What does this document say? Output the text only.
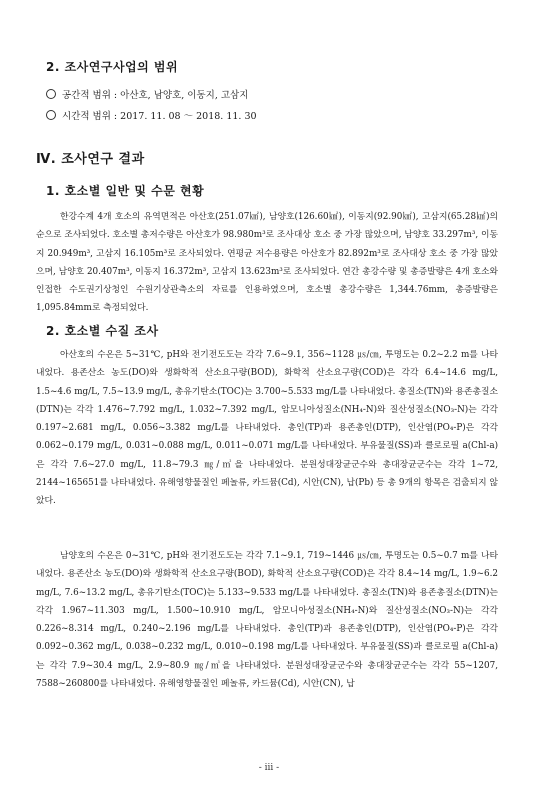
2. 조사연구사업의 범위
공간적 범위 : 아산호, 남양호, 이동지, 고삼지
시간적 범위 : 2017. 11. 08 ～ 2018. 11. 30
Ⅳ. 조사연구 결과
1. 호소별 일반 및 수문 현황

한강수계 4개 호소의 유역면적은 아산호(251.07㎢), 남양호(126.60㎢), 이동지(92.90㎢), 고삼지(65.28㎢)의 순으로 조사되었다. 호소별 총저수량은 아산호가 98.980m³로 조사대상 호소 중 가장 많았으며, 남양호 33.297m³, 이동지 20.949m³, 고삼지 16.105m³로 조사되었다. 연평균 저수용량은 아산호가 82.892m³로 조사대상 호소 중 가장 많았으며, 남양호 20.407m³, 이동지 16.372m³, 고삼지 13.623m³로 조사되었다. 연간 총강수량 및 총증발량은 4개 호소와 인접한 수도권기상청인 수원기상관측소의 자료를 인용하였으며, 호소별 총강수량은 1,344.76mm, 총증발량은 1,095.84mm로 측정되었다.

2. 호소별 수질 조사

아산호의 수온은 5~31℃, pH와 전기전도도는 각각 7.6~9.1, 356~1128 ㎲/㎝, 투명도는 0.2~2.2 m를 나타내었다. 용존산소 농도(DO)와 생화학적 산소요구량(BOD), 화학적 산소요구량(COD)은 각각 6.4~14.6 mg/L, 1.5~4.6 mg/L, 7.5~13.9 mg/L, 총유기탄소(TOC)는 3.700~5.533 mg/L를 나타내었다. 총질소(TN)와 용존총질소(DTN)는 각각 1.476~7.792 mg/L, 1.032~7.392 mg/L, 암모니아성질소(NH₄-N)와 질산성질소(NO₃-N)는 각각 0.197~2.681 mg/L, 0.056~3.382 mg/L를 나타내었다. 총인(TP)과 용존총인(DTP), 인산염(PO₄-P)은 각각 0.062~0.179 mg/L, 0.031~0.088 mg/L, 0.011~0.071 mg/L를 나타내었다. 부유물질(SS)과 클로로필 a(Chl-a)은 각각 7.6~27.0 mg/L, 11.8~79.3 ㎎/㎥을 나타내었다. 분원성대장균군수와 총대장균군수는 각각 1~72, 2144~165651를 나타내었다. 유해영향물질인 페놀류, 카드뮴(Cd), 시안(CN), 납(Pb) 등 총 9개의 항목은 검출되지 않았다.

남양호의 수온은 0~31℃, pH와 전기전도도는 각각 7.1~9.1, 719~1446 ㎲/㎝, 투명도는 0.5~0.7 m를 나타내었다. 용존산소 농도(DO)와 생화학적 산소요구량(BOD), 화학적 산소요구량(COD)은 각각 8.4~14 mg/L, 1.9~6.2 mg/L, 7.6~13.2 mg/L, 총유기탄소(TOC)는 5.133~9.533 mg/L를 나타내었다. 총질소(TN)와 용존총질소(DTN)는 각각 1.967~11.303 mg/L, 1.500~10.910 mg/L, 암모니아성질소(NH₄-N)와 질산성질소(NO₃-N)는 각각 0.226~8.314 mg/L, 0.240~2.196 mg/L를 나타내었다. 총인(TP)과 용존총인(DTP), 인산염(PO₄-P)은 각각 0.092~0.362 mg/L, 0.038~0.232 mg/L, 0.010~0.198 mg/L를 나타내었다. 부유물질(SS)과 클로로필 a(Chl-a)는 각각 7.9~30.4 mg/L, 2.9~80.9 ㎎/㎥을 나타내었다. 분원성대장균군수와 총대장균군수는 각각 55~1207, 7588~260800를 나타내었다. 유해영향물질인 페놀류, 카드뮴(Cd), 시안(CN), 납

- iii -
